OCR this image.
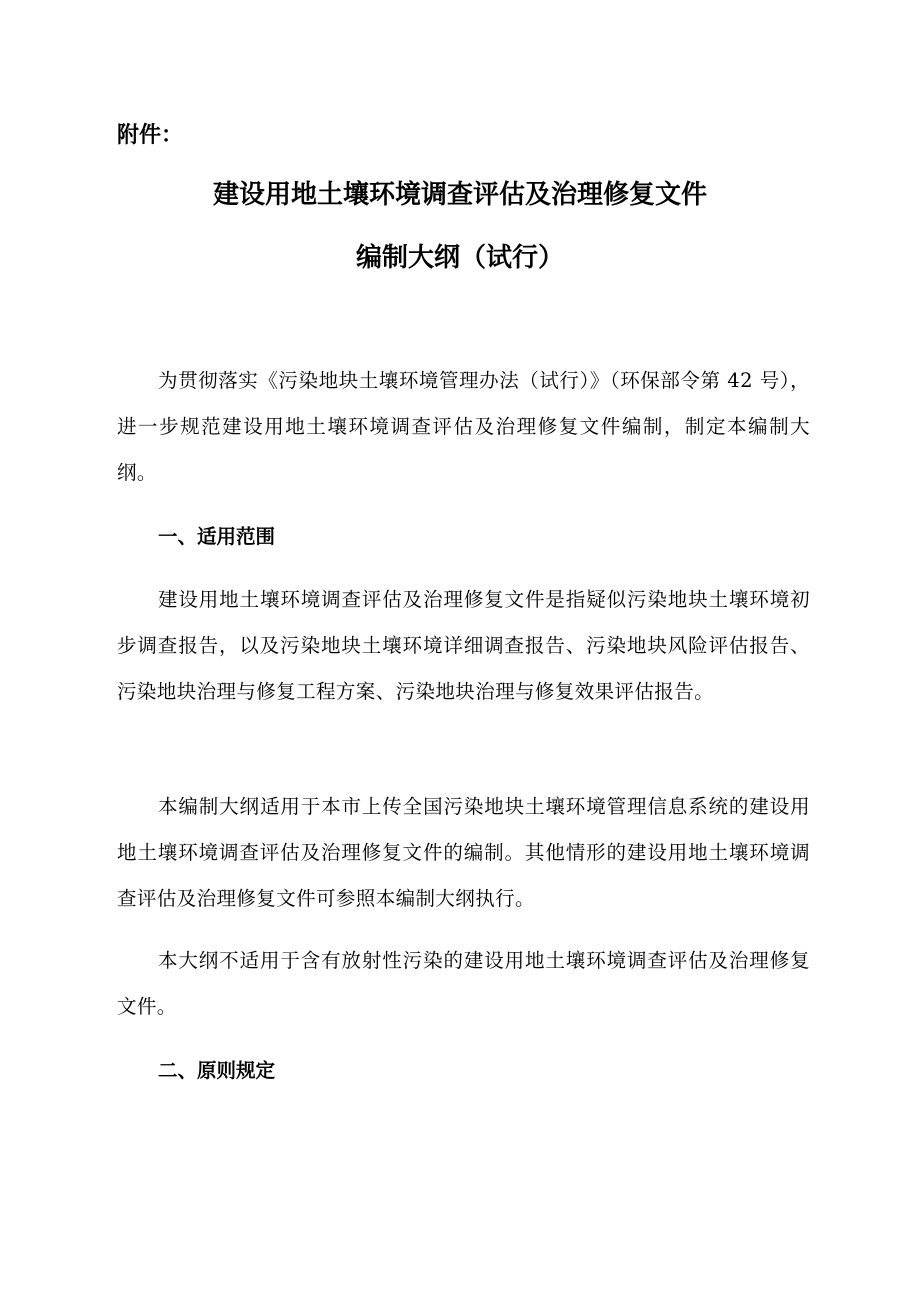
附件：
建设用地土壤环境调查评估及治理修复文件
编制大纲（试行）

为贯彻落实《污染地块土壤环境管理办法（试行）》（环保部令第 42 号），进一步规范建设用地土壤环境调查评估及治理修复文件编制，制定本编制大纲。

一、适用范围

建设用地土壤环境调查评估及治理修复文件是指疑似污染地块土壤环境初步调查报告，以及污染地块土壤环境详细调查报告、污染地块风险评估报告、污染地块治理与修复工程方案、污染地块治理与修复效果评估报告。

本编制大纲适用于本市上传全国污染地块土壤环境管理信息系统的建设用地土壤环境调查评估及治理修复文件的编制。其他情形的建设用地土壤环境调查评估及治理修复文件可参照本编制大纲执行。

本大纲不适用于含有放射性污染的建设用地土壤环境调查评估及治理修复文件。

二、原则规定
